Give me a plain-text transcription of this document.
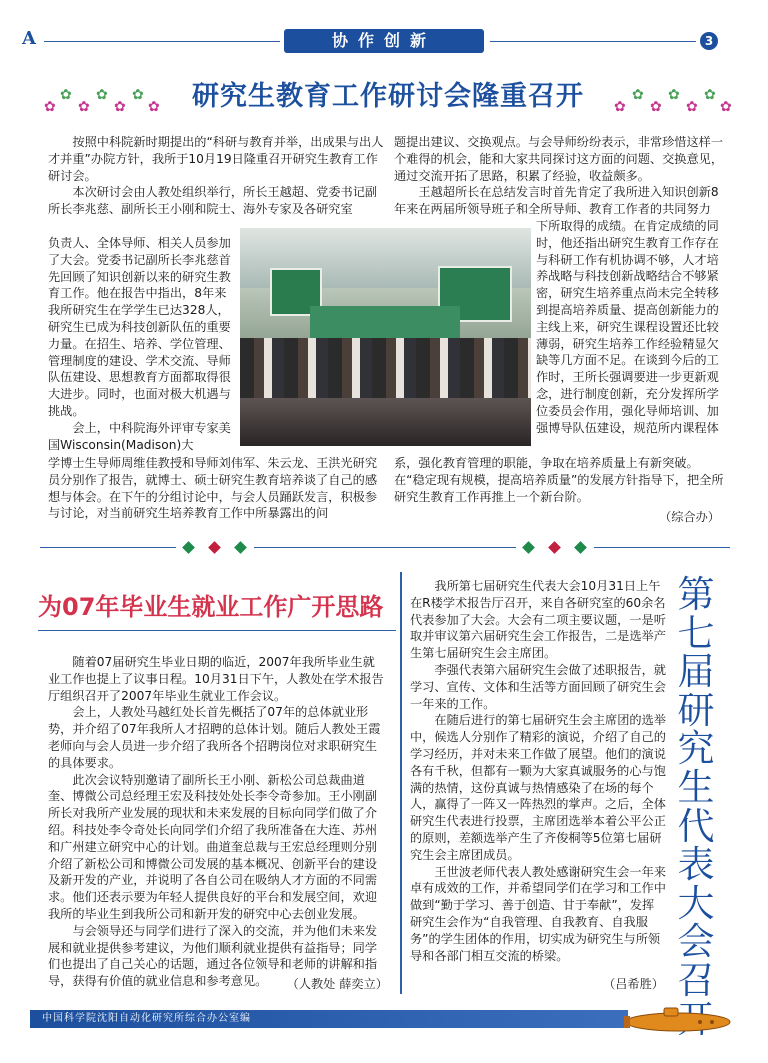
A	协作创新	3
✿
✿
✿
✿
✿
✿
✿	研究生教育工作研讨会隆重召开	✿
✿
✿
✿
✿
✿
✿

按照中科院新时期提出的“科研与教育并举，出成果与出人才并重”办院方针，我所于10月19日隆重召开研究生教育工作研讨会。

本次研讨会由人教处组织举行，所长王越超、党委书记副所长李兆慈、副所长王小刚和院士、海外专家及各研究室

负责人、全体导师、相关人员参加了大会。党委书记副所长李兆慈首先回顾了知识创新以来的研究生教育工作。他在报告中指出，8年来我所研究生在学学生已达328人，研究生已成为科技创新队伍的重要力量。在招生、培养、学位管理、管理制度的建设、学术交流、导师队伍建设、思想教育方面都取得很大进步。同时，也面对极大机遇与挑战。

会上，中科院海外评审专家美国Wisconsin(Madison)大

学博士生导师周维佳教授和导师刘伟军、朱云龙、王洪光研究员分别作了报告，就博士、硕士研究生教育培养谈了自己的感想与体会。在下午的分组讨论中，与会人员踊跃发言，积极参与讨论，对当前研究生培养教育工作中所暴露出的问

题提出建议、交换观点。与会导师纷纷表示，非常珍惜这样一个难得的机会，能和大家共同探讨这方面的问题、交换意见，通过交流开拓了思路，积累了经验，收益颇多。

王越超所长在总结发言时首先肯定了我所进入知识创新8年来在两届所领导班子和全所导师、教育工作者的共同努力

下所取得的成绩。在肯定成绩的同时，他还指出研究生教育工作存在与科研工作有机协调不够，人才培养战略与科技创新战略结合不够紧密，研究生培养重点尚未完全转移到提高培养质量、提高创新能力的主线上来，研究生课程设置还比较薄弱，研究生培养工作经验精显欠缺等几方面不足。在谈到今后的工作时，王所长强调要进一步更新观念，进行制度创新，充分发挥所学位委员会作用，强化导师培训、加强博导队伍建设，规范所内课程体

系，强化教育管理的职能，争取在培养质量上有新突破。在“稳定现有规模，提高培养质量”的发展方针指导下，把全所研究生教育工作再推上一个新台阶。

（综合办）
为07年毕业生就业工作广开思路

随着07届研究生毕业日期的临近，2007年我所毕业生就业工作也提上了议事日程。10月31日下午，人教处在学术报告厅组织召开了2007年毕业生就业工作会议。

会上，人教处马越红处长首先概括了07年的总体就业形势，并介绍了07年我所人才招聘的总体计划。随后人教处王霞老师向与会人员进一步介绍了我所各个招聘岗位对求职研究生的具体要求。

此次会议特别邀请了副所长王小刚、新松公司总裁曲道奎、博微公司总经理王宏及科技处处长李令奇参加。王小刚副所长对我所产业发展的现状和未来发展的目标向同学们做了介绍。科技处李令奇处长向同学们介绍了我所准备在大连、苏州和广州建立研究中心的计划。曲道奎总裁与王宏总经理则分别介绍了新松公司和博微公司发展的基本概况、创新平台的建设及新开发的产业，并说明了各自公司在吸纳人才方面的不同需求。他们还表示要为年轻人提供良好的平台和发展空间，欢迎我所的毕业生到我所公司和新开发的研究中心去创业发展。

与会领导还与同学们进行了深入的交流，并为他们未来发展和就业提供参考建议，为他们顺利就业提供有益指导；同学们也提出了自己关心的话题，通过各位领导和老师的讲解和指导，获得有价值的就业信息和参考意见。	（人教处 薛奕立）

我所第七届研究生代表大会10月31日上午在R楼学术报告厅召开，来自各研究室的60余名代表参加了大会。大会有二项主要议题，一是听取并审议第六届研究生会工作报告，二是选举产生第七届研究生会主席团。

李强代表第六届研究生会做了述职报告，就学习、宣传、文体和生活等方面回顾了研究生会一年来的工作。

在随后进行的第七届研究生会主席团的选举中，候选人分别作了精彩的演说，介绍了自己的学习经历，并对未来工作做了展望。他们的演说各有千秋，但都有一颗为大家真诚服务的心与饱满的热情，这份真诚与热情感染了在场的每个人，赢得了一阵又一阵热烈的掌声。之后，全体研究生代表进行投票，主席团选举本着公平公正的原则，差额选举产生了齐俊桐等5位第七届研究生会主席团成员。

王世波老师代表人教处感谢研究生会一年来卓有成效的工作，并希望同学们在学习和工作中做到“勤于学习、善于创造、甘于奉献”，发挥研究生会作为“自我管理、自我教育、自我服务”的学生团体的作用，切实成为研究生与所领导和各部门相互交流的桥梁。

（吕希胜）
第七届研究生代表大会召
中国科学院沈阳自动化研究所综合办公室编
